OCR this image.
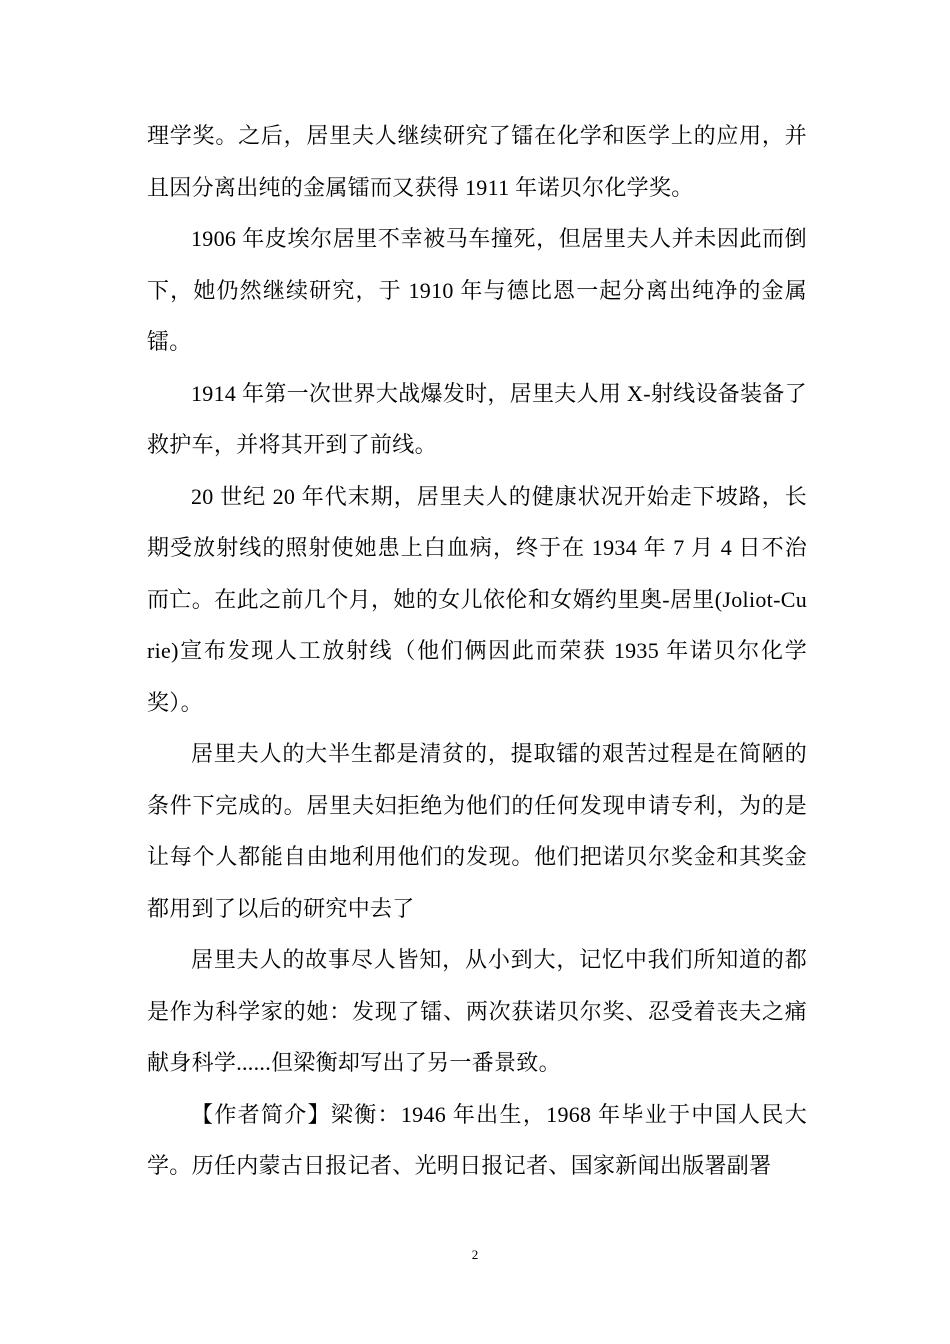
理学奖。之后，居里夫人继续研究了镭在化学和医学上的应用，并且因分离出纯的金属镭而又获得 1911 年诺贝尔化学奖。

1906 年皮埃尔居里不幸被马车撞死，但居里夫人并未因此而倒下，她仍然继续研究，于 1910 年与德比恩一起分离出纯净的金属镭。

1914 年第一次世界大战爆发时，居里夫人用 X-射线设备装备了救护车，并将其开到了前线。

20 世纪 20 年代末期，居里夫人的健康状况开始走下坡路，长期受放射线的照射使她患上白血病，终于在 1934 年 7 月 4 日不治而亡。在此之前几个月，她的女儿依伦和女婿约里奥-居里(Joliot-Curie)宣布发现人工放射线（他们俩因此而荣获 1935 年诺贝尔化学奖）。

居里夫人的大半生都是清贫的，提取镭的艰苦过程是在简陋的条件下完成的。居里夫妇拒绝为他们的任何发现申请专利，为的是让每个人都能自由地利用他们的发现。他们把诺贝尔奖金和其奖金都用到了以后的研究中去了

居里夫人的故事尽人皆知，从小到大，记忆中我们所知道的都是作为科学家的她：发现了镭、两次获诺贝尔奖、忍受着丧夫之痛献身科学......但梁衡却写出了另一番景致。

【作者简介】梁衡：1946 年出生，1968 年毕业于中国人民大学。历任内蒙古日报记者、光明日报记者、国家新闻出版署副署

2
